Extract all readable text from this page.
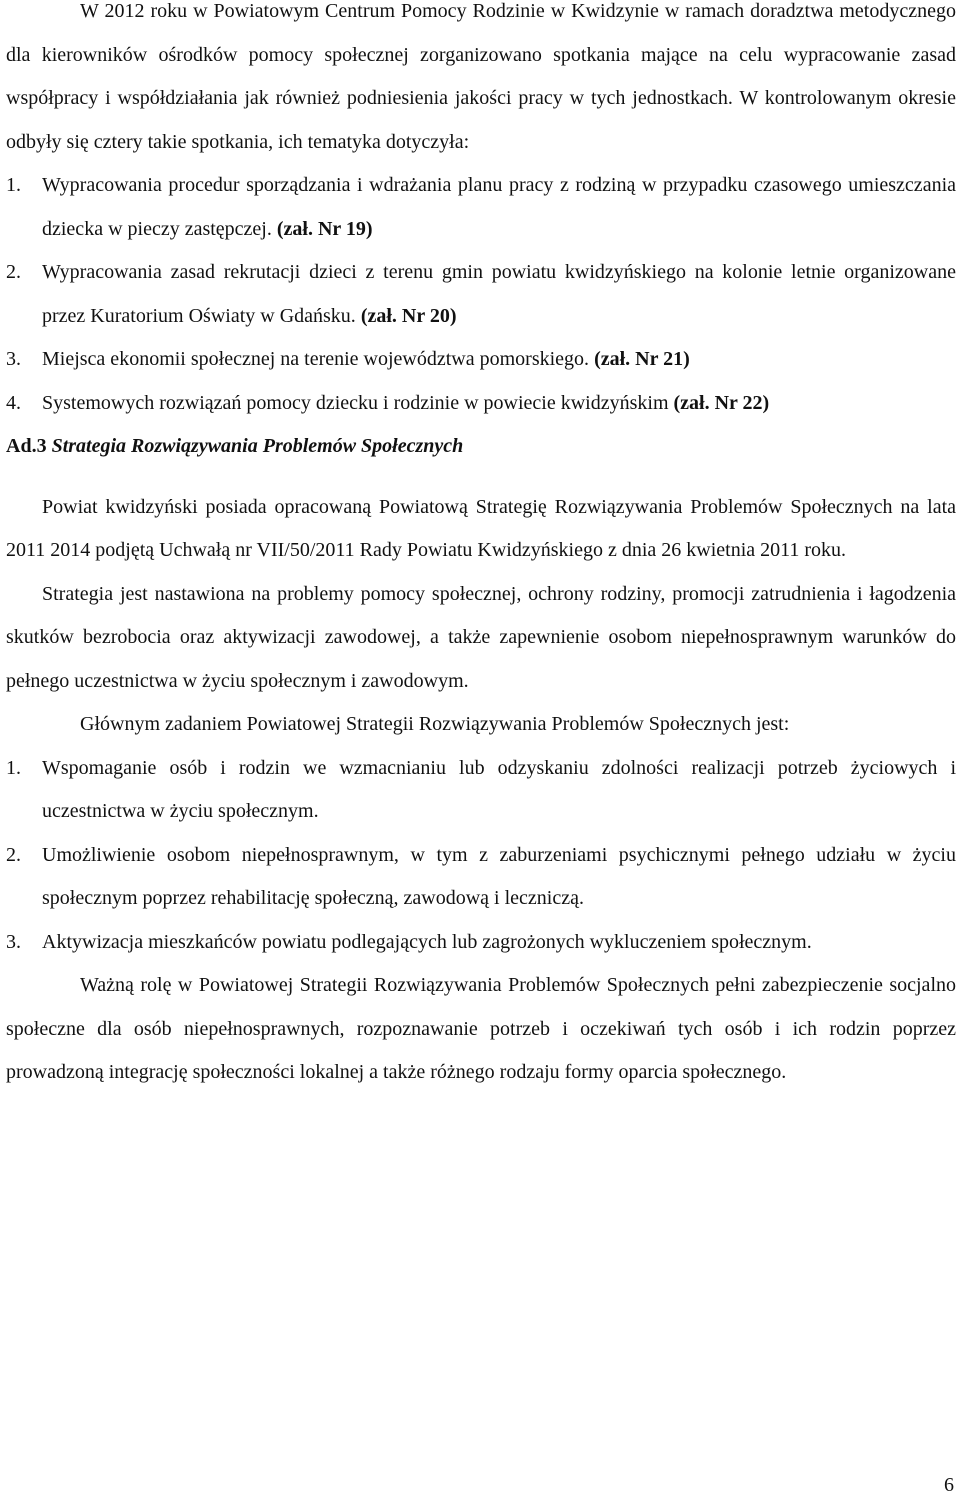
W 2012 roku w Powiatowym Centrum Pomocy Rodzinie w Kwidzynie w ramach doradztwa metodycznego dla kierowników ośrodków pomocy społecznej zorganizowano spotkania mające na celu wypracowanie zasad współpracy i współdziałania jak również podniesienia jakości pracy w tych jednostkach. W kontrolowanym okresie odbyły się cztery takie spotkania, ich tematyka dotyczyła:

1. Wypracowania procedur sporządzania i wdrażania planu pracy z rodziną w przypadku czasowego umieszczania dziecka w pieczy zastępczej. (zał. Nr 19)
2. Wypracowania zasad rekrutacji dzieci z terenu gmin powiatu kwidzyńskiego na kolonie letnie organizowane przez Kuratorium Oświaty w Gdańsku. (zał. Nr 20)
3. Miejsca ekonomii społecznej na terenie województwa pomorskiego. (zał. Nr 21)
4. Systemowych rozwiązań pomocy dziecku i rodzinie w powiecie kwidzyńskim (zał. Nr 22)

Ad.3 Strategia Rozwiązywania Problemów Społecznych

Powiat kwidzyński posiada opracowaną Powiatową Strategię Rozwiązywania Problemów Społecznych na lata 2011 2014 podjętą Uchwałą nr VII/50/2011 Rady Powiatu Kwidzyńskiego z dnia 26 kwietnia 2011 roku.

Strategia jest nastawiona na problemy pomocy społecznej, ochrony rodziny, promocji zatrudnienia i łagodzenia skutków bezrobocia oraz aktywizacji zawodowej, a także zapewnienie osobom niepełnosprawnym warunków do pełnego uczestnictwa w życiu społecznym i zawodowym.

Głównym zadaniem Powiatowej Strategii Rozwiązywania Problemów Społecznych jest:

1. Wspomaganie osób i rodzin we wzmacnianiu lub odzyskaniu zdolności realizacji potrzeb życiowych i uczestnictwa w życiu społecznym.
2. Umożliwienie osobom niepełnosprawnym, w tym z zaburzeniami psychicznymi pełnego udziału w życiu społecznym poprzez rehabilitację społeczną, zawodową i leczniczą.
3. Aktywizacja mieszkańców powiatu podlegających lub zagrożonych wykluczeniem społecznym.

Ważną rolę w Powiatowej Strategii Rozwiązywania Problemów Społecznych pełni zabezpieczenie socjalno społeczne dla osób niepełnosprawnych, rozpoznawanie potrzeb i oczekiwań tych osób i ich rodzin poprzez prowadzoną integrację społeczności lokalnej a także różnego rodzaju formy oparcia społecznego.

6
